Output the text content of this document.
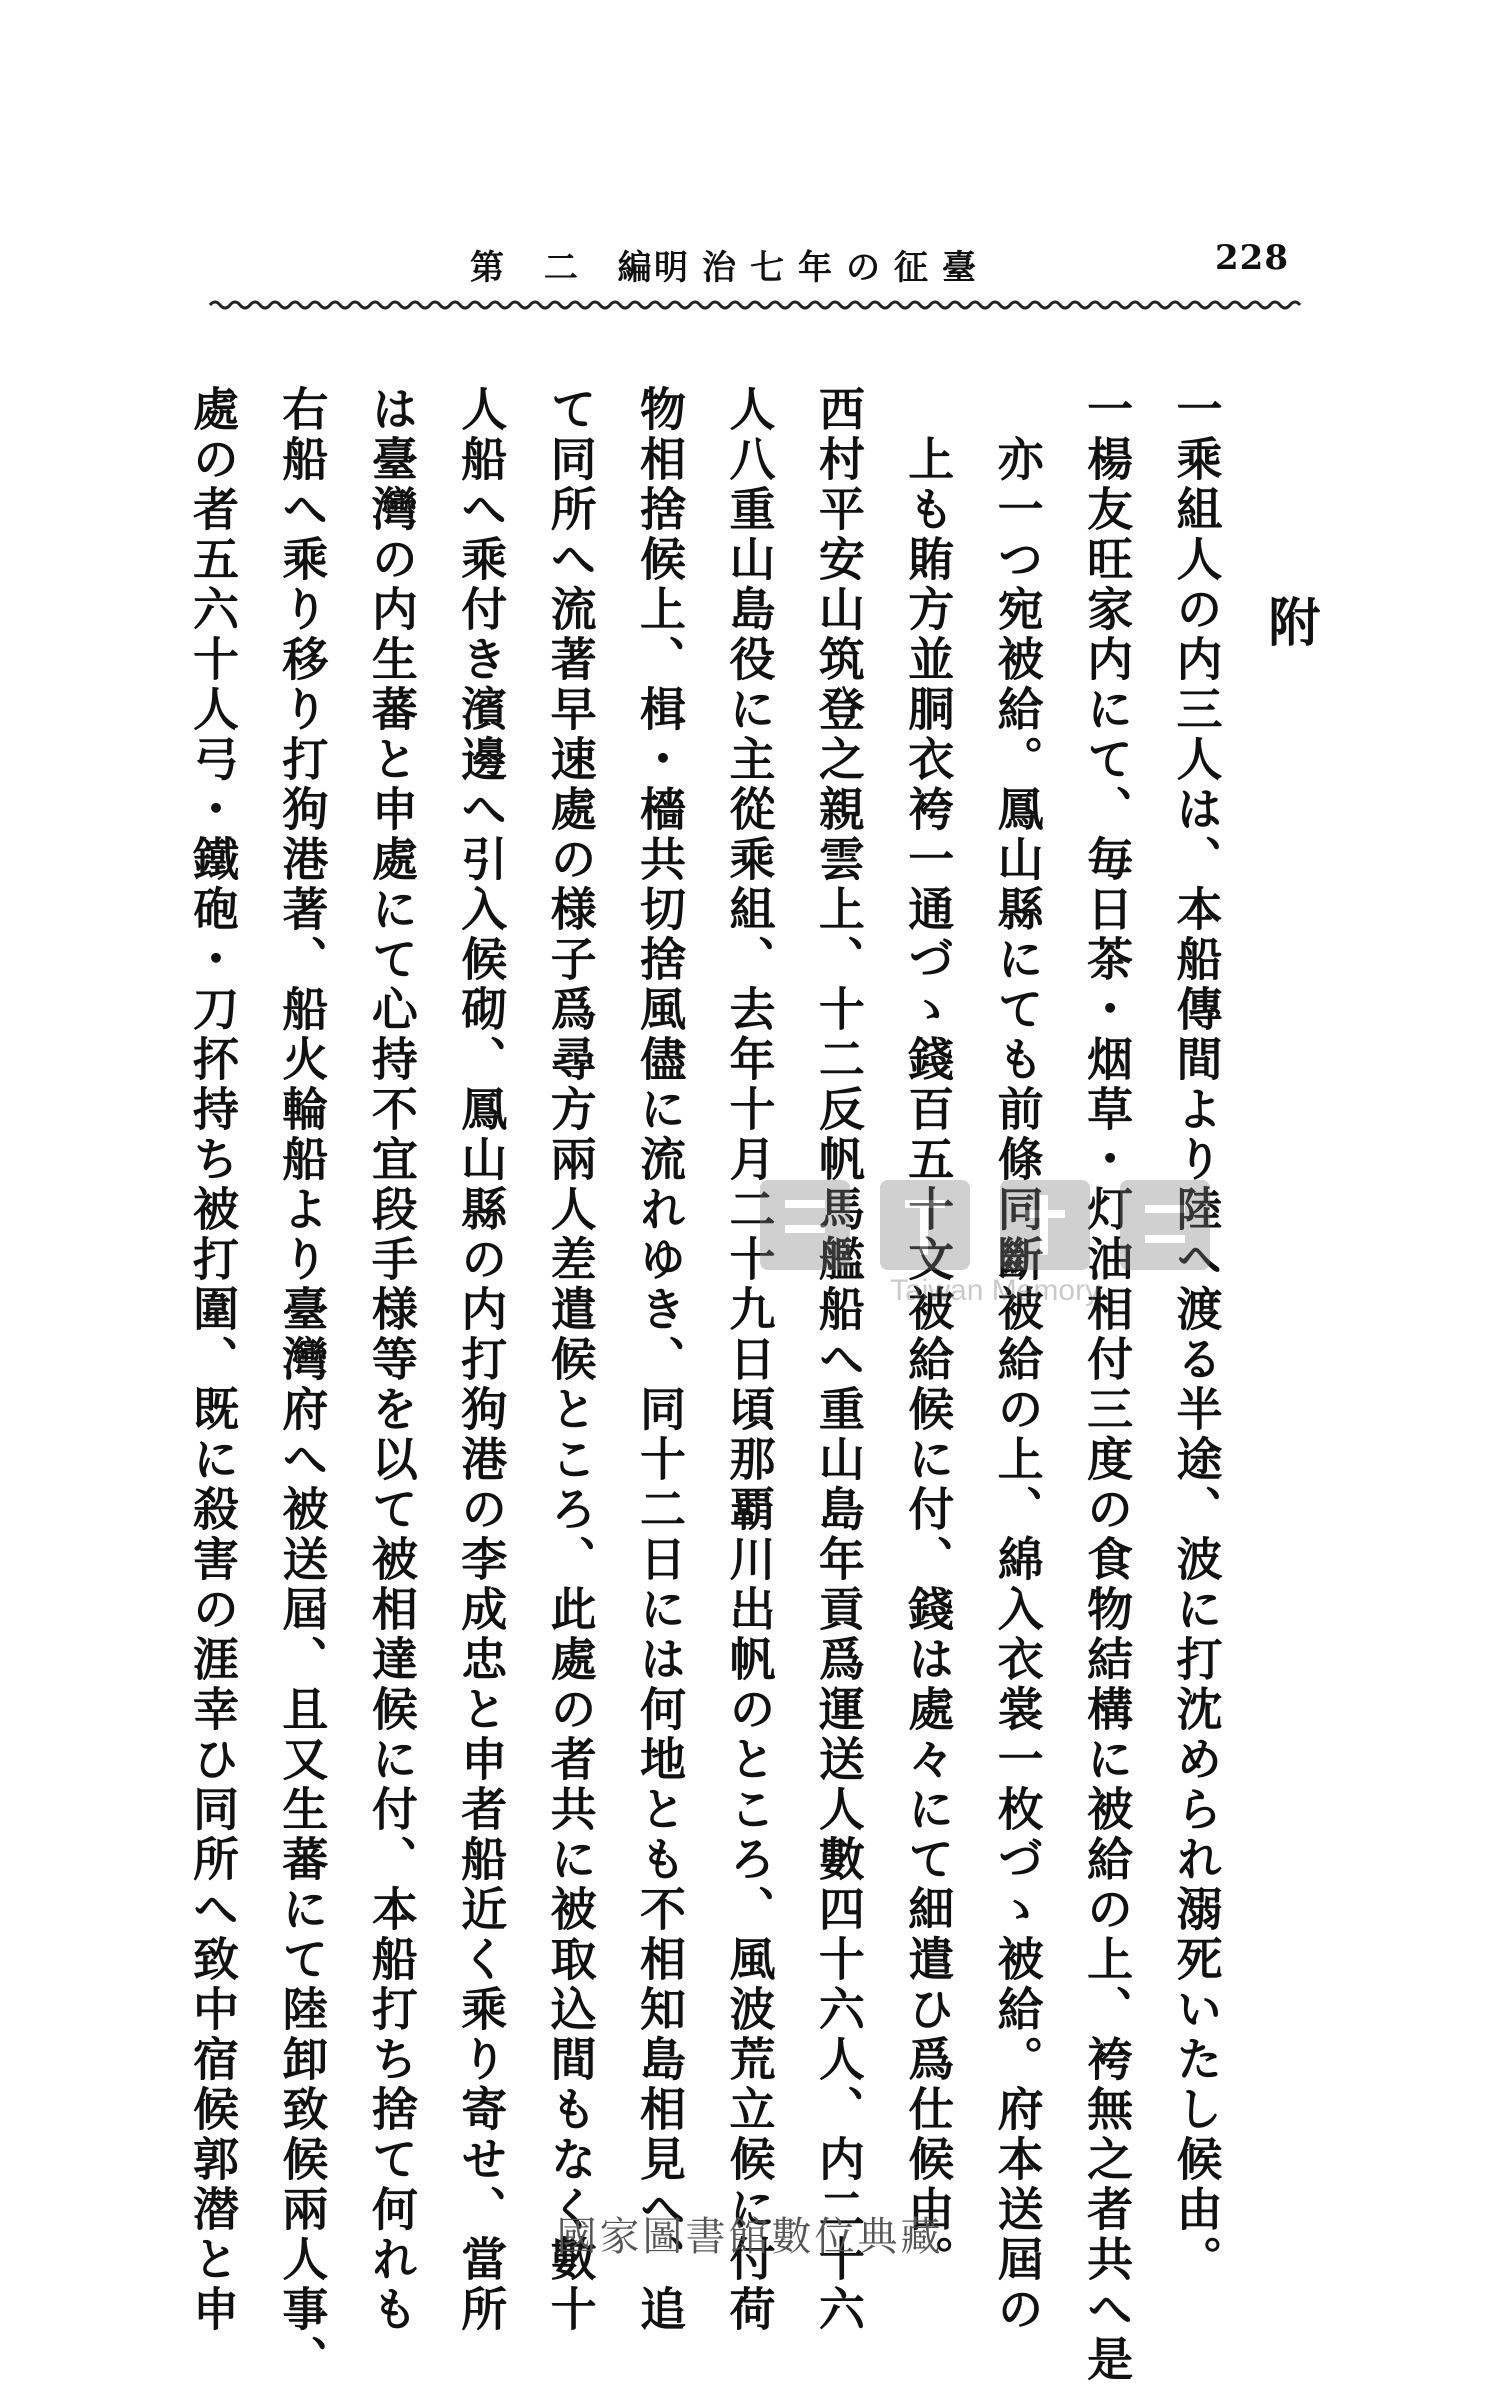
明治七年の征臺
第 二 編	228
附
一乘組人の内三人は、本船傳間より陸へ渡る半途、波に打沈められ溺死いたし候由。
一楊友旺家内にて、毎日茶・烟草・灯油相付三度の食物結構に被給の上、袴無之者共へ是
亦一つ宛被給。鳳山縣にても前條同斷被給の上、綿入衣裳一枚づゝ被給。府本送屆の
上も賄方並胴衣袴一通づゝ錢百五十文被給候に付、錢は處々にて細遣ひ爲仕候由。
西村平安山筑登之親雲上、十二反帆馬艦船へ重山島年貢爲運送人數四十六人、内二十六
人八重山島役に主從乘組、去年十月二十九日頃那覇川出帆のところ、風波荒立候に付荷
物相捨候上、楫・檣共切捨風儘に流れゆき、同十二日には何地とも不相知島相見へ、追
て同所へ流著早速處の様子爲尋方兩人差遣候ところ、此處の者共に被取込間もなく數十
人船へ乘付き濱邊へ引入候砌、鳳山縣の内打狗港の李成忠と申者船近く乘り寄せ、當所
は臺灣の内生蕃と申處にて心持不宜段手様等を以て被相達候に付、本船打ち捨て何れも
右船へ乘り移り打狗港著、船火輪船より臺灣府へ被送屆、且又生蕃にて陸卸致候兩人事、
處の者五六十人弓・鐵砲・刀抔持ち被打圍、既に殺害の涯幸ひ同所へ致中宿候郭潜と申	Taiwan Memory
國家圖書館數位典藏
